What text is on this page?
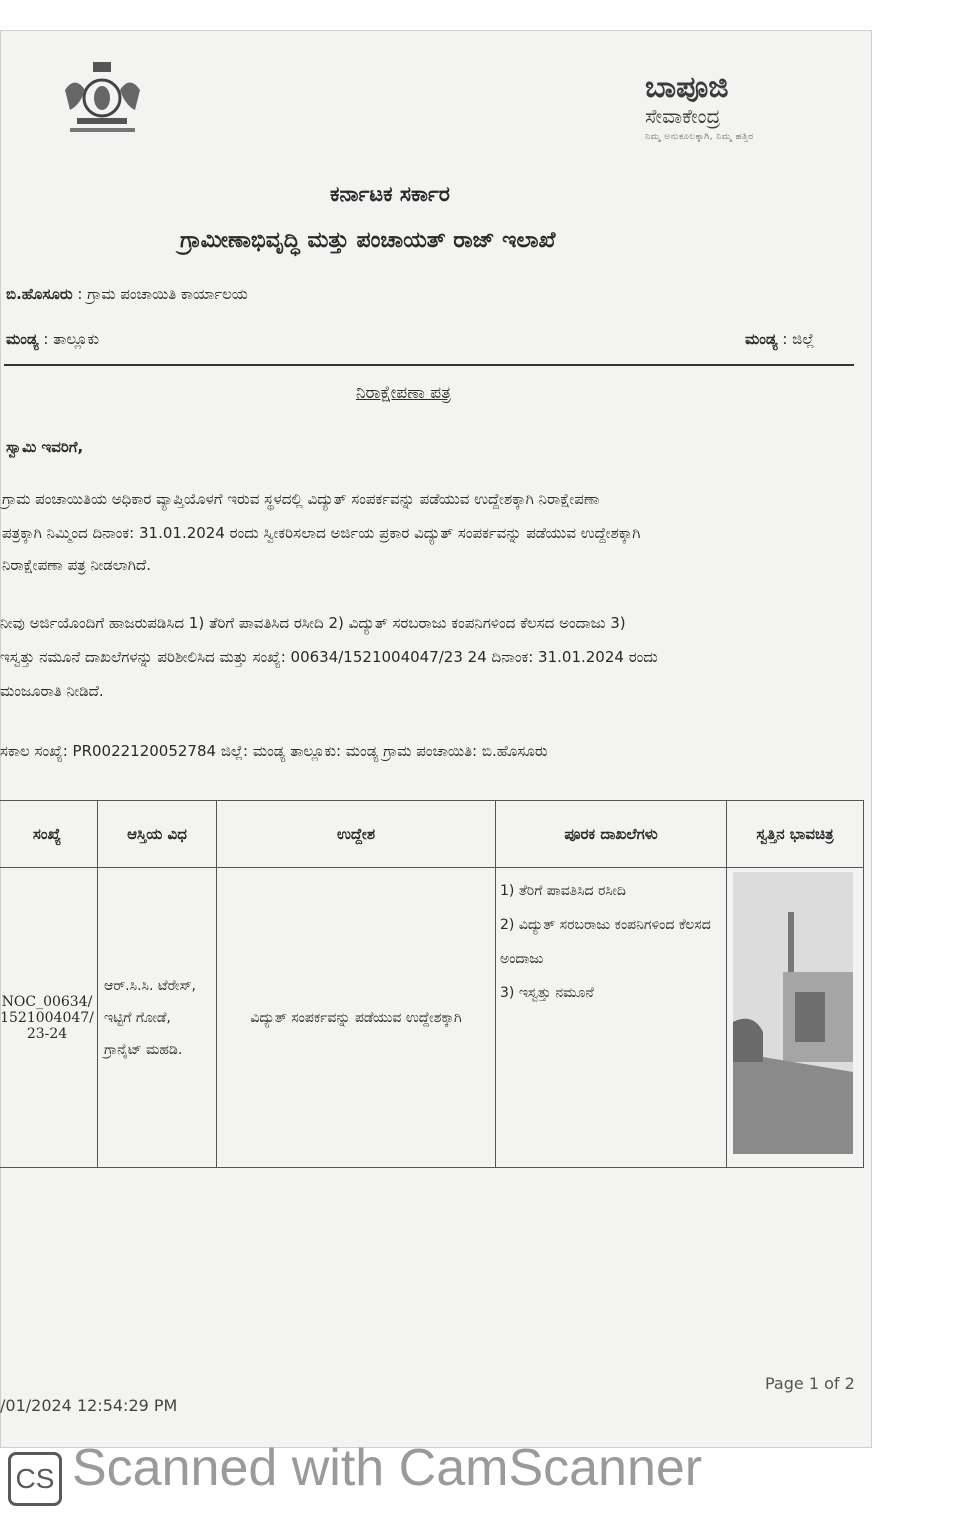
ಬಾಪೂಜಿ
ಸೇವಾಕೇಂದ್ರ
ನಿಮ್ಮ ಅನುಕೂಲಕ್ಕಾಗಿ, ನಿಮ್ಮ ಹತ್ತಿರ
ಕರ್ನಾಟಕ ಸರ್ಕಾರ
ಗ್ರಾಮೀಣಾಭಿವೃದ್ಧಿ ಮತ್ತು ಪಂಚಾಯತ್ ರಾಜ್ ಇಲಾಖೆ
ಬಿ.ಹೊಸೂರು : ಗ್ರಾಮ ಪಂಚಾಯಿತಿ ಕಾರ್ಯಾಲಯ
ಮಂಡ್ಯ : ತಾಲ್ಲೂಕು	ಮಂಡ್ಯ : ಜಿಲ್ಲೆ
ನಿರಾಕ್ಷೇಪಣಾ ಪತ್ರ
ಸ್ವಾಮಿ ಇವರಿಗೆ,
ಗ್ರಾಮ ಪಂಚಾಯಿತಿಯ ಅಧಿಕಾರ ವ್ಯಾಪ್ತಿಯೊಳಗೆ ಇರುವ ಸ್ಥಳದಲ್ಲಿ ವಿದ್ಯುತ್ ಸಂಪರ್ಕವನ್ನು ಪಡೆಯುವ ಉದ್ದೇಶಕ್ಕಾಗಿ ನಿರಾಕ್ಷೇಪಣಾ
ಪತ್ರಕ್ಕಾಗಿ ನಿಮ್ಮಿಂದ ದಿನಾಂಕ: 31.01.2024 ರಂದು ಸ್ವೀಕರಿಸಲಾದ ಅರ್ಜಿಯ ಪ್ರಕಾರ ವಿದ್ಯುತ್ ಸಂಪರ್ಕವನ್ನು ಪಡೆಯುವ ಉದ್ದೇಶಕ್ಕಾಗಿ
ನಿರಾಕ್ಷೇಪಣಾ ಪತ್ರ ನೀಡಲಾಗಿದೆ.
ನೀವು ಅರ್ಜಿಯೊಂದಿಗೆ ಹಾಜರುಪಡಿಸಿದ 1) ತೆರಿಗೆ ಪಾವತಿಸಿದ ರಸೀದಿ 2) ವಿದ್ಯುತ್ ಸರಬರಾಜು ಕಂಪನಿಗಳಿಂದ ಕೆಲಸದ ಅಂದಾಜು 3)
ಇಸ್ವತ್ತು ನಮೂನೆ ದಾಖಲೆಗಳನ್ನು ಪರಿಶೀಲಿಸಿದ ಮತ್ತು ಸಂಖ್ಯೆ: 00634/1521004047/23 24 ದಿನಾಂಕ: 31.01.2024 ರಂದು
ಮಂಜೂರಾತಿ ನೀಡಿದೆ.
ಸಕಾಲ ಸಂಖ್ಯೆ: PR0022120052784 ಜಿಲ್ಲೆ: ಮಂಡ್ಯ ತಾಲ್ಲೂಕು: ಮಂಡ್ಯ ಗ್ರಾಮ ಪಂಚಾಯಿತಿ: ಬಿ.ಹೊಸೂರು
ಸಂಖ್ಯೆ	ಆಸ್ತಿಯ ವಿಧ	ಉದ್ದೇಶ	ಪೂರಕ ದಾಖಲೆಗಳು	ಸ್ವತ್ತಿನ ಭಾವಚಿತ್ರ
NOC_00634/1521004047/23-24	ಆರ್.ಸಿ.ಸಿ. ಟೆರೇಸ್, ಇಟ್ಟಿಗೆ ಗೋಡೆ, ಗ್ರಾನೈಟ್ ಮಹಡಿ.	ವಿದ್ಯುತ್ ಸಂಪರ್ಕವನ್ನು ಪಡೆಯುವ ಉದ್ದೇಶಕ್ಕಾಗಿ	1) ತೆರಿಗೆ ಪಾವತಿಸಿದ ರಸೀದಿ
2) ವಿದ್ಯುತ್ ಸರಬರಾಜು ಕಂಪನಿಗಳಿಂದ ಕೆಲಸದ ಅಂದಾಜು
3) ಇಸ್ವತ್ತು ನಮೂನೆ

Page 1 of 2
/01/2024 12:54:29 PM
CS Scanned with CamScanner
